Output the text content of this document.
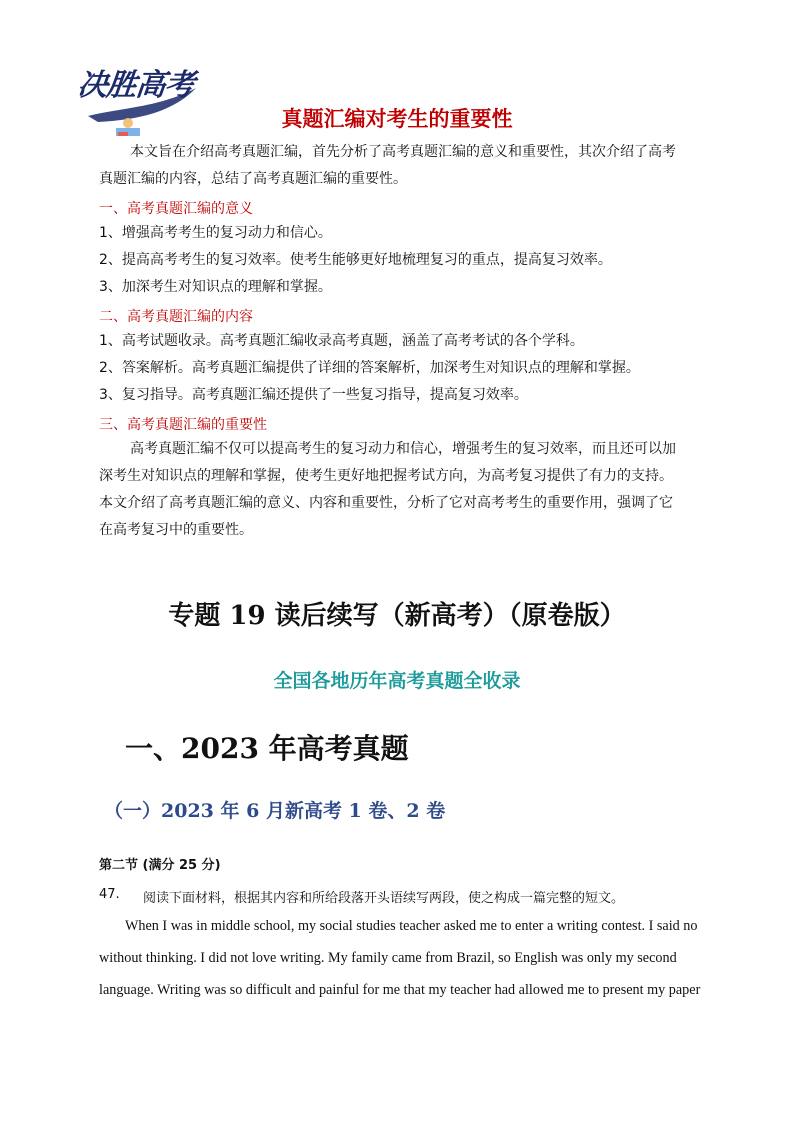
决胜高考
真题汇编对考生的重要性
本文旨在介绍高考真题汇编，首先分析了高考真题汇编的意义和重要性，其次介绍了高考
真题汇编的内容，总结了高考真题汇编的重要性。
一、高考真题汇编的意义
1、增强高考考生的复习动力和信心。
2、提高高考考生的复习效率。使考生能够更好地梳理复习的重点，提高复习效率。
3、加深考生对知识点的理解和掌握。
二、高考真题汇编的内容
1、高考试题收录。高考真题汇编收录高考真题，涵盖了高考考试的各个学科。
2、答案解析。高考真题汇编提供了详细的答案解析，加深考生对知识点的理解和掌握。
3、复习指导。高考真题汇编还提供了一些复习指导，提高复习效率。
三、高考真题汇编的重要性
高考真题汇编不仅可以提高考生的复习动力和信心，增强考生的复习效率，而且还可以加
深考生对知识点的理解和掌握，使考生更好地把握考试方向，为高考复习提供了有力的支持。
本文介绍了高考真题汇编的意义、内容和重要性，分析了它对高考考生的重要作用，强调了它
在高考复习中的重要性。
专题 19 读后续写（新高考）（原卷版）
全国各地历年高考真题全收录
一、2023 年高考真题
（一）2023 年 6 月新高考 1 卷、2 卷
第二节 (满分 25 分)
47. 阅读下面材料，根据其内容和所给段落开头语续写两段，使之构成一篇完整的短文。
When I was in middle school, my social studies teacher asked me to enter a writing contest. I said no
without thinking. I did not love writing. My family came from Brazil, so English was only my second
language. Writing was so difficult and painful for me that my teacher had allowed me to present my paper
